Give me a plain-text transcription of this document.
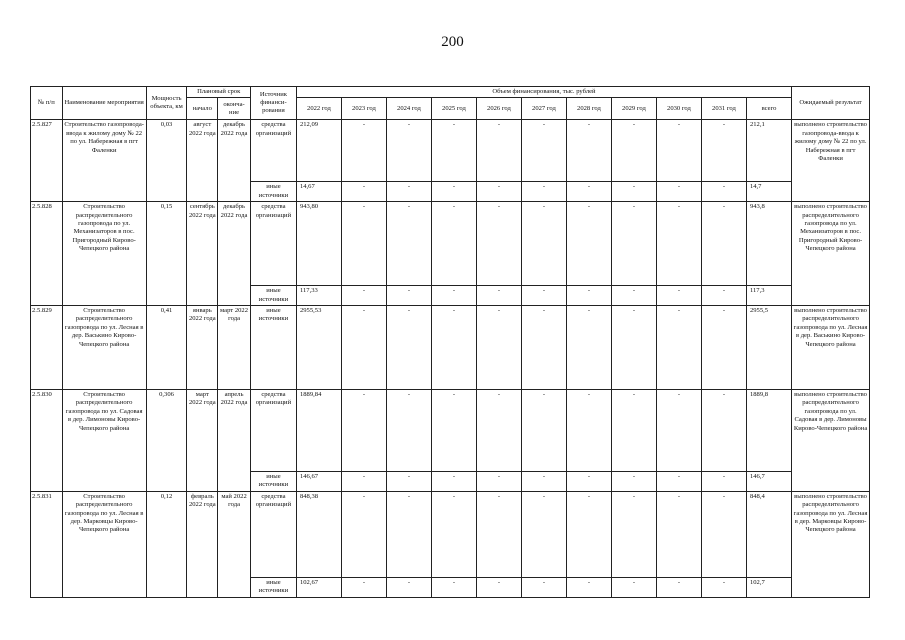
200
№ п/п	Наименование мероприятия	Мощность объекта, км	Плановый срок		Источник финанси-рования	Объем финансирования, тыс. рублей											Ожидаемый результат
			начало	оконча-ние		2022 год	2023 год	2024 год	2025 год	2026 год	2027 год	2028 год	2029 год	2030 год	2031 год	всего	
2.5.827	Строительство газопровода-ввода к жилому дому № 22 по ул. Набережная в пгт Фаленки	0,03	август 2022 года	декабрь 2022 года	средства организаций	212,09	-	-	-	-	-	-	-	-	-	212,1	выполнено строительство газопровода-ввода к жилому дому № 22 по ул. Набережная в пгт Фаленки
					иные источники	14,67	-	-	-	-	-	-	-	-	-	14,7	
2.5.828	Строительство распределительного газопровода по ул. Механизаторов в пос. Пригородный Кирово-Чепецкого района	0,15	сентябрь 2022 года	декабрь 2022 года	средства организаций	943,80	-	-	-	-	-	-	-	-	-	943,8	выполнено строительство распределительного газопровода по ул. Механизаторов в пос. Пригородный Кирово-Чепецкого района
					иные источники	117,33	-	-	-	-	-	-	-	-	-	117,3	
2.5.829	Строительство распределительного газопровода по ул. Лесная в дер. Васькино Кирово-Чепецкого района	0,41	январь 2022 года	март 2022 года	иные источники	2955,53	-	-	-	-	-	-	-	-	-	2955,5	выполнено строительство распределительного газопровода по ул. Лесная в дер. Васькино Кирово-Чепецкого района
2.5.830	Строительство распределительного газопровода по ул. Садовая в дер. Лимоновы Кирово-Чепецкого района	0,306	март 2022 года	апрель 2022 года	средства организаций	1889,84	-	-	-	-	-	-	-	-	-	1889,8	выполнено строительство распределительного газопровода по ул. Садовая в дер. Лимоновы Кирово-Чепецкого района
					иные источники	146,67	-	-	-	-	-	-	-	-	-	146,7	
2.5.831	Строительство распределительного газопровода по ул. Лесная в дер. Марковцы Кирово-Чепецкого района	0,12	февраль 2022 года	май 2022 года	средства организаций	848,38	-	-	-	-	-	-	-	-	-	848,4	выполнено строительство распределительного газопровода по ул. Лесная в дер. Марковцы Кирово-Чепецкого района
					иные источники	102,67	-	-	-	-	-	-	-	-	-	102,7	
